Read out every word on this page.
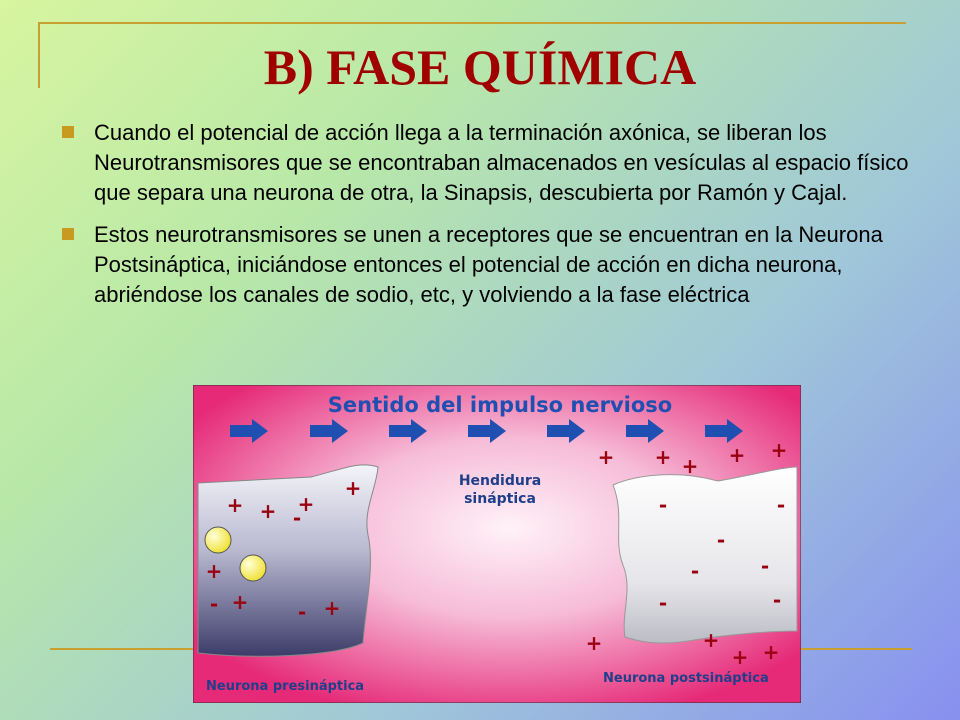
B) FASE QUÍMICA
Cuando el potencial de acción llega a la terminación axónica, se liberan los Neurotransmisores que se encontraban almacenados en vesículas al espacio físico que separa una neurona de otra, la Sinapsis, descubierta por Ramón y Cajal.
Estos neurotransmisores se unen a receptores que se encuentran en la Neurona Postsináptica, iniciándose entonces el potencial de acción en dicha neurona, abriéndose los canales de sodio, etc, y volviendo a la fase eléctrica
Sentido del impulso nervioso
Hendidura
sináptica
Neurona presináptica
Neurona postsináptica
+
+ + +
-
+
- + - +
+ + + + +
-	-
-
-	-
-	-
+	+
+ +
